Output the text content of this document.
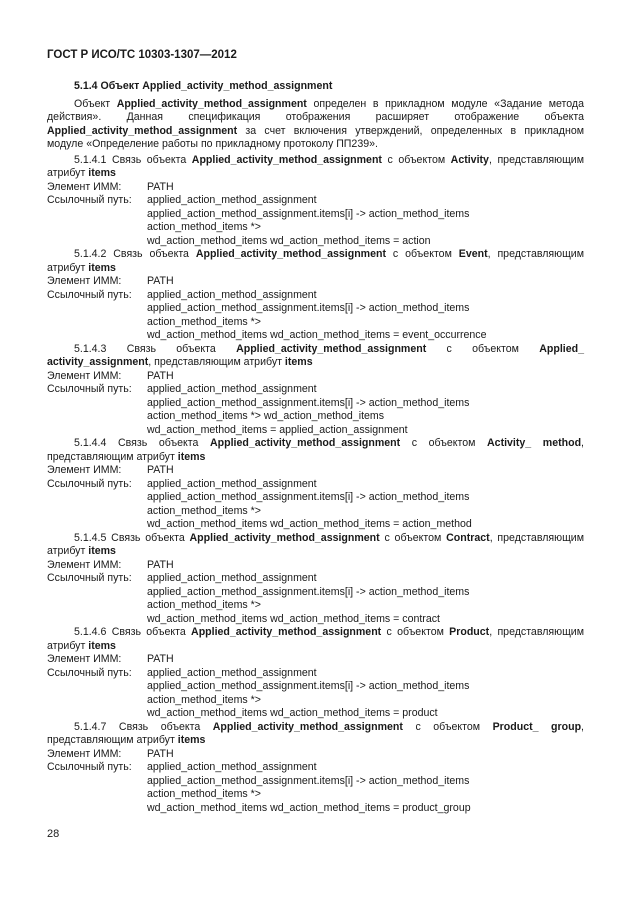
ГОСТ Р ИСО/ТС 10303-1307—2012
5.1.4 Объект Applied_activity_method_assignment
Объект Applied_activity_method_assignment определен в прикладном модуле «Задание метода действия». Данная спецификация отображения расширяет отображение объекта Applied_activity_method_assignment за счет включения утверждений, определенных в прикладном модуле «Определение работы по прикладному протоколу ПП239».
5.1.4.1 Связь объекта Applied_activity_method_assignment с объектом Activity, представляющим атрибут items
Элемент ИММ:	PATH
Ссылочный путь:	applied_action_method_assignment
applied_action_method_assignment.items[i] -> action_method_items
action_method_items *>
wd_action_method_items wd_action_method_items = action
5.1.4.2 Связь объекта Applied_activity_method_assignment с объектом Event, представляющим атрибут items
Элемент ИММ:	PATH
Ссылочный путь:	applied_action_method_assignment
applied_action_method_assignment.items[i] -> action_method_items
action_method_items *>
wd_action_method_items wd_action_method_items = event_occurrence
5.1.4.3 Связь объекта Applied_activity_method_assignment с объектом Applied_ activity_assignment, представляющим атрибут items
Элемент ИММ:	PATH
Ссылочный путь:	applied_action_method_assignment
applied_action_method_assignment.items[i] -> action_method_items
action_method_items *> wd_action_method_items
wd_action_method_items = applied_action_assignment
5.1.4.4 Связь объекта Applied_activity_method_assignment с объектом Activity_ method, представляющим атрибут items
Элемент ИММ:	PATH
Ссылочный путь:	applied_action_method_assignment
applied_action_method_assignment.items[i] -> action_method_items
action_method_items *>
wd_action_method_items wd_action_method_items = action_method
5.1.4.5 Связь объекта Applied_activity_method_assignment с объектом Contract, представляющим атрибут items
Элемент ИММ:	PATH
Ссылочный путь:	applied_action_method_assignment
applied_action_method_assignment.items[i] -> action_method_items
action_method_items *>
wd_action_method_items wd_action_method_items = contract
5.1.4.6 Связь объекта Applied_activity_method_assignment с объектом Product, представляющим атрибут items
Элемент ИММ:	PATH
Ссылочный путь:	applied_action_method_assignment
applied_action_method_assignment.items[i] -> action_method_items
action_method_items *>
wd_action_method_items wd_action_method_items = product
5.1.4.7 Связь объекта Applied_activity_method_assignment с объектом Product_ group, представляющим атрибут items
Элемент ИММ:	PATH
Ссылочный путь:	applied_action_method_assignment
applied_action_method_assignment.items[i] -> action_method_items
action_method_items *>
wd_action_method_items wd_action_method_items = product_group
28
